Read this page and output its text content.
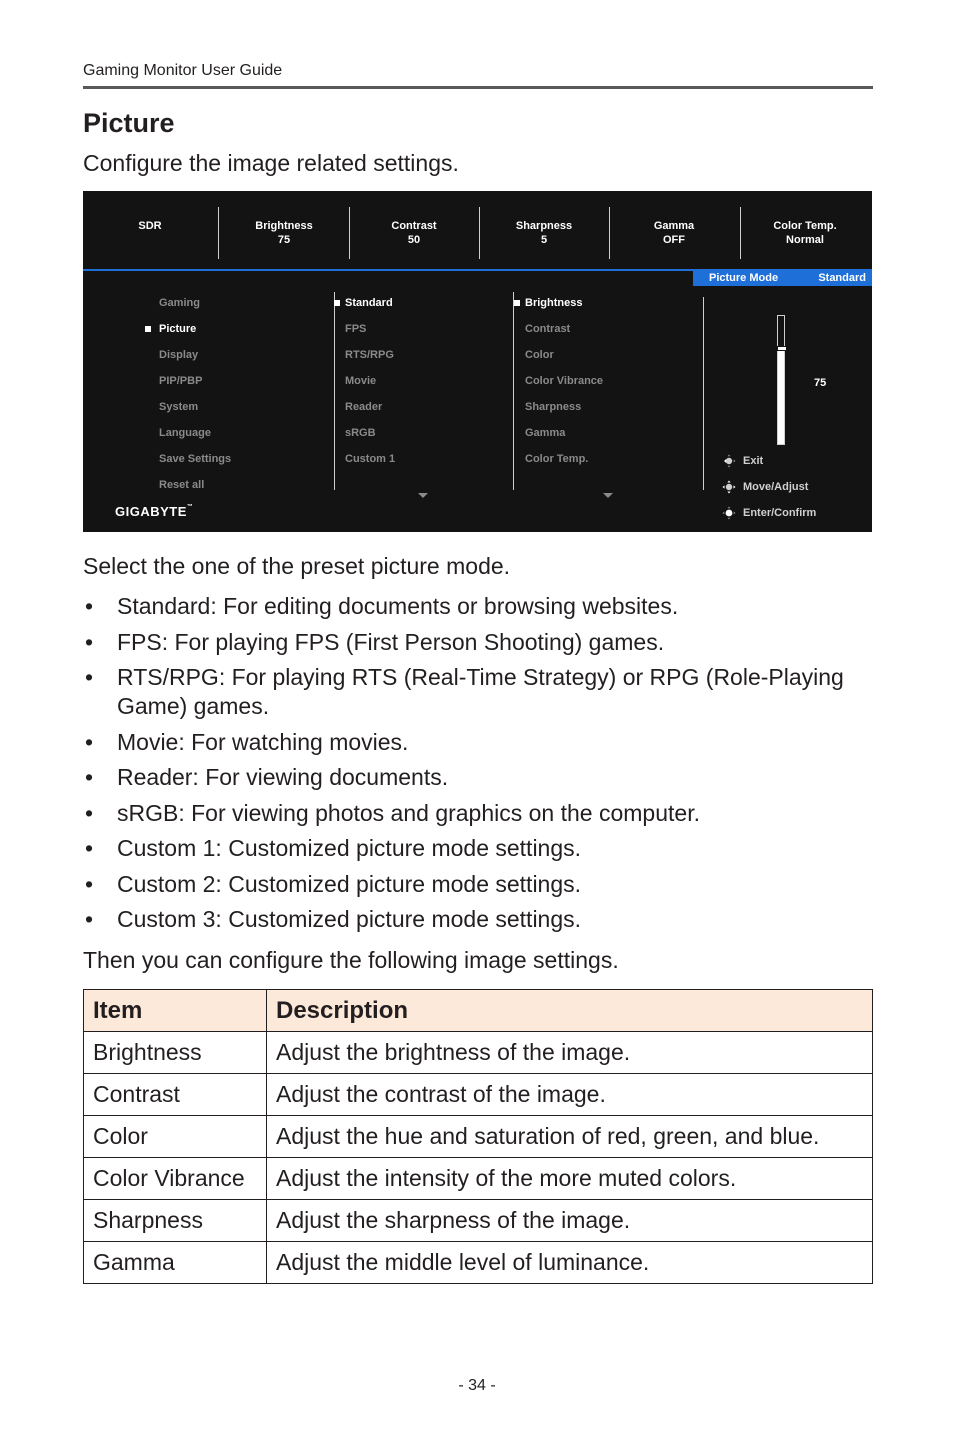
Gaming Monitor User Guide
Picture
Configure the image related settings.
SDR	Brightness
75
Contrast
50
Sharpness
5
Gamma
OFF
Color Temp.
Normal
Picture Mode	Standard
Gaming
Picture
Display
PIP/PBP
System
Language
Save Settings
Reset all
Standard
FPS
RTS/RPG
Movie
Reader
sRGB
Custom 1
Brightness
Contrast
Color
Color Vibrance
Sharpness
Gamma
Color Temp.
75
Exit
Move/Adjust
Enter/Confirm
GIGABYTE™
Select the one of the preset picture mode.
• Standard: For editing documents or browsing websites.
• FPS: For playing FPS (First Person Shooting) games.
• RTS/RPG: For playing RTS (Real-Time Strategy) or RPG (Role-Playing Game) games.
• Movie: For watching movies.
• Reader: For viewing documents.
• sRGB: For viewing photos and graphics on the computer.
• Custom 1: Customized picture mode settings.
• Custom 2: Customized picture mode settings.
• Custom 3: Customized picture mode settings.
Then you can configure the following image settings.
Item	Description
Brightness	Adjust the brightness of the image.
Contrast	Adjust the contrast of the image.
Color	Adjust the hue and saturation of red, green, and blue.
Color Vibrance	Adjust the intensity of the more muted colors.
Sharpness	Adjust the sharpness of the image.
Gamma	Adjust the middle level of luminance.
- 34 -
